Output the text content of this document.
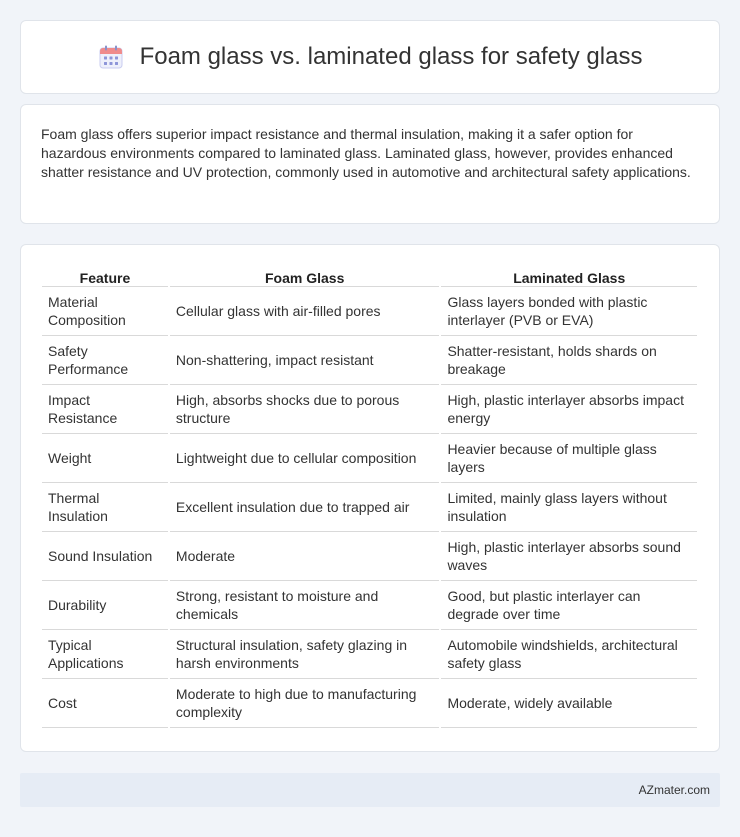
Foam glass vs. laminated glass for safety glass

Foam glass offers superior impact resistance and thermal insulation, making it a safer option for hazardous environments compared to laminated glass. Laminated glass, however, provides enhanced shatter resistance and UV protection, commonly used in automotive and architectural safety applications.

Feature	Foam Glass	Laminated Glass
Material Composition	Cellular glass with air-filled pores	Glass layers bonded with plastic interlayer (PVB or EVA)
Safety Performance	Non-shattering, impact resistant	Shatter-resistant, holds shards on breakage
Impact Resistance	High, absorbs shocks due to porous structure	High, plastic interlayer absorbs impact energy
Weight	Lightweight due to cellular composition	Heavier because of multiple glass layers
Thermal Insulation	Excellent insulation due to trapped air	Limited, mainly glass layers without insulation
Sound Insulation	Moderate	High, plastic interlayer absorbs sound waves
Durability	Strong, resistant to moisture and chemicals	Good, but plastic interlayer can degrade over time
Typical Applications	Structural insulation, safety glazing in harsh environments	Automobile windshields, architectural safety glass
Cost	Moderate to high due to manufacturing complexity	Moderate, widely available
AZmater.com
